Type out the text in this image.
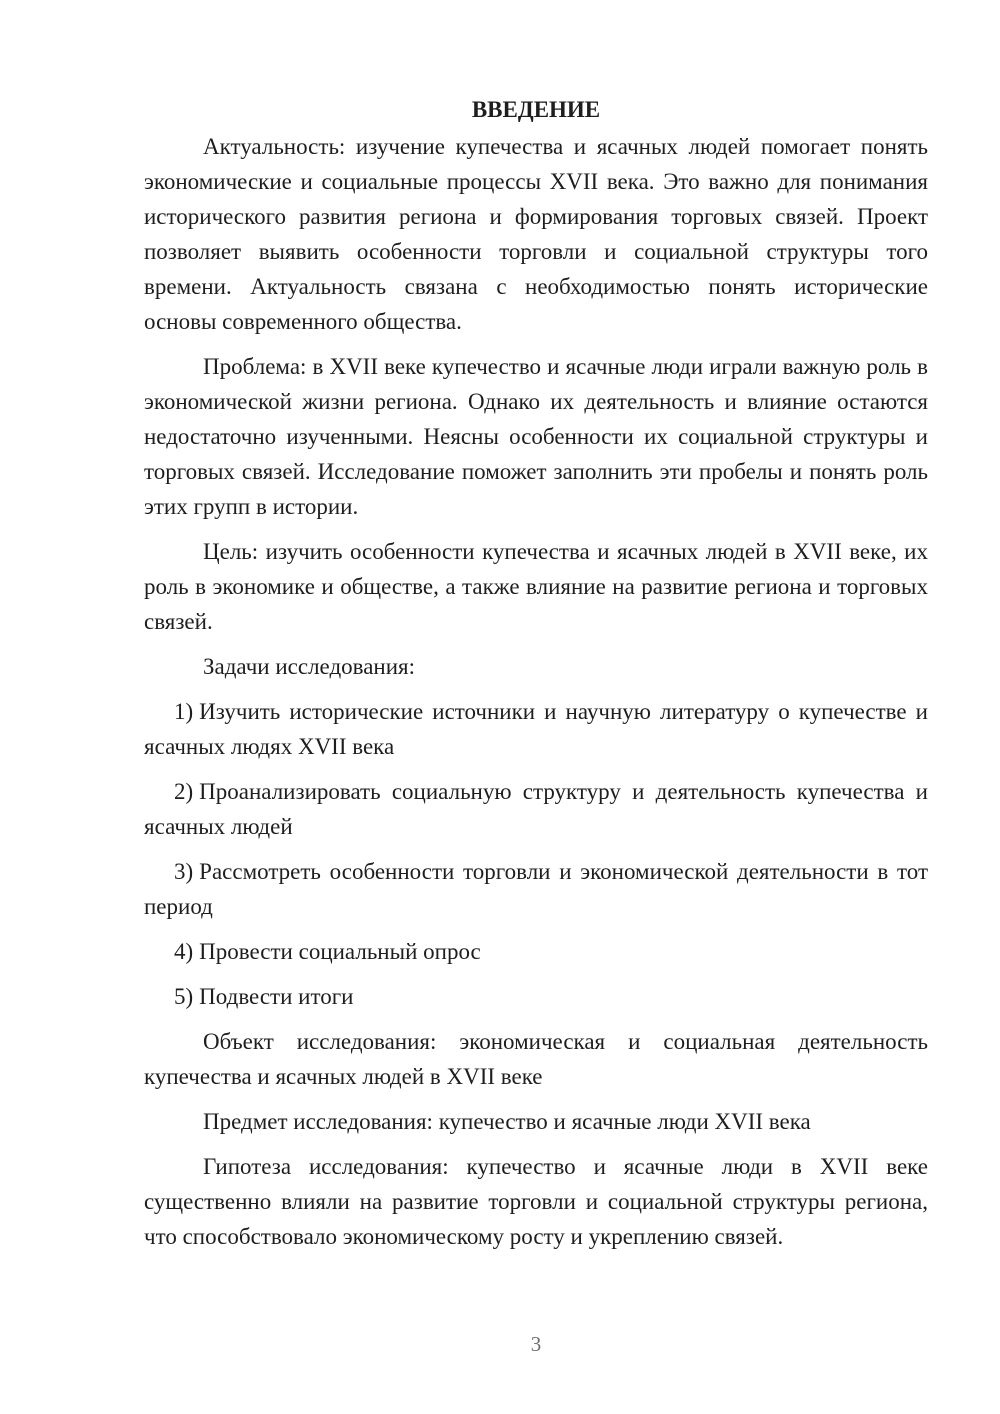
ВВЕДЕНИЕ

Актуальность: изучение купечества и ясачных людей помогает понять экономические и социальные процессы XVII века. Это важно для понимания исторического развития региона и формирования торговых связей. Проект позволяет выявить особенности торговли и социальной структуры того времени. Актуальность связана с необходимостью понять исторические основы современного общества.

Проблема: в XVII веке купечество и ясачные люди играли важную роль в экономической жизни региона. Однако их деятельность и влияние остаются недостаточно изученными. Неясны особенности их социальной структуры и торговых связей. Исследование поможет заполнить эти пробелы и понять роль этих групп в истории.

Цель: изучить особенности купечества и ясачных людей в XVII веке, их роль в экономике и обществе, а также влияние на развитие региона и торговых связей.

Задачи исследования:

1) Изучить исторические источники и научную литературу о купечестве и ясачных людях XVII века

2) Проанализировать социальную структуру и деятельность купечества и ясачных людей

3) Рассмотреть особенности торговли и экономической деятельности в тот период

4) Провести социальный опрос

5) Подвести итоги

Объект исследования: экономическая и социальная деятельность купечества и ясачных людей в XVII веке

Предмет исследования: купечество и ясачные люди XVII века

Гипотеза исследования: купечество и ясачные люди в XVII веке существенно влияли на развитие торговли и социальной структуры региона, что способствовало экономическому росту и укреплению связей.

3
